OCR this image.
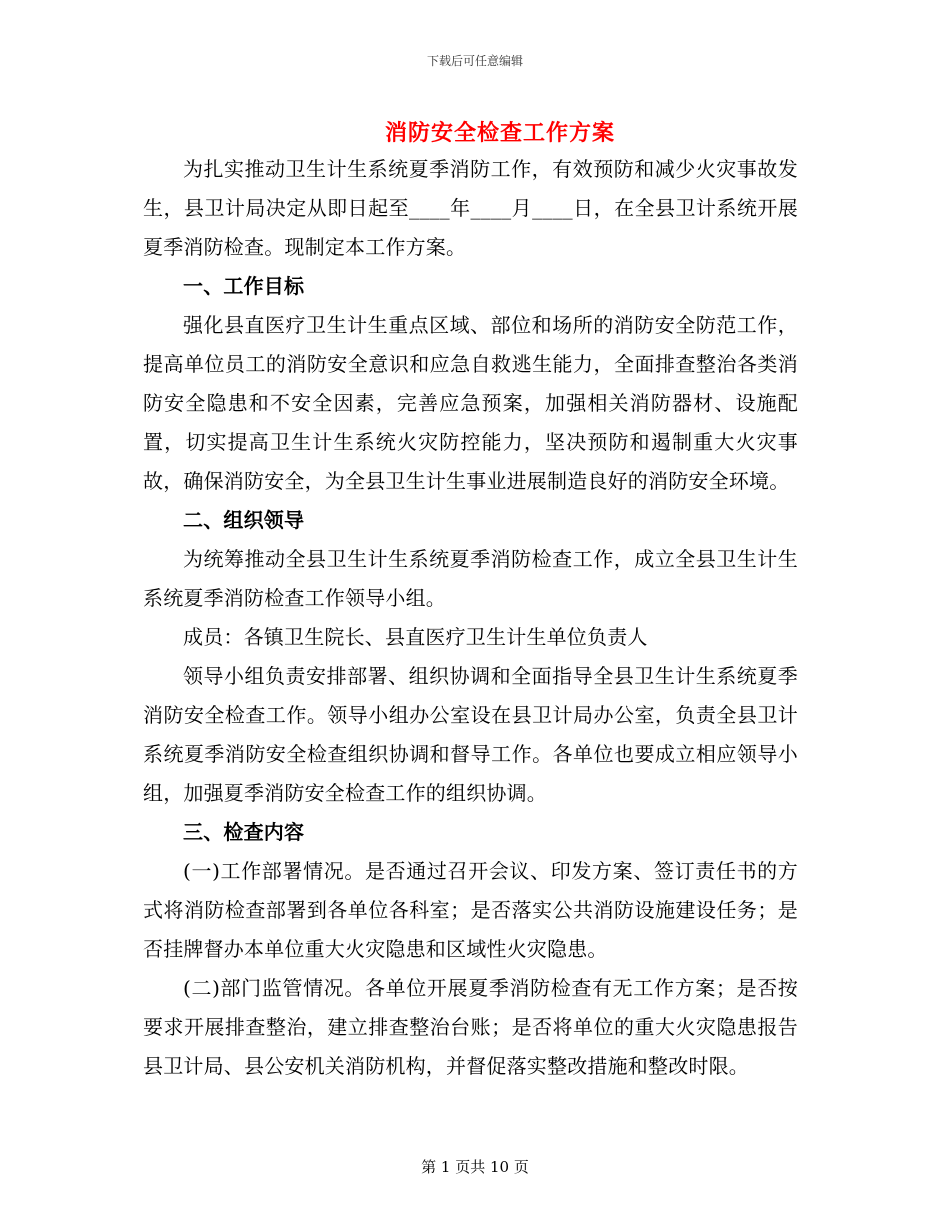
下载后可任意编辑
消防安全检查工作方案

为扎实推动卫生计生系统夏季消防工作，有效预防和减少火灾事故发生，县卫计局决定从即日起至____年____月____日，在全县卫计系统开展夏季消防检查。现制定本工作方案。

一、工作目标

强化县直医疗卫生计生重点区域、部位和场所的消防安全防范工作，提高单位员工的消防安全意识和应急自救逃生能力，全面排查整治各类消防安全隐患和不安全因素，完善应急预案，加强相关消防器材、设施配置，切实提高卫生计生系统火灾防控能力，坚决预防和遏制重大火灾事故，确保消防安全，为全县卫生计生事业进展制造良好的消防安全环境。

二、组织领导

为统筹推动全县卫生计生系统夏季消防检查工作，成立全县卫生计生系统夏季消防检查工作领导小组。

成员：各镇卫生院长、县直医疗卫生计生单位负责人

领导小组负责安排部署、组织协调和全面指导全县卫生计生系统夏季消防安全检查工作。领导小组办公室设在县卫计局办公室，负责全县卫计系统夏季消防安全检查组织协调和督导工作。各单位也要成立相应领导小组，加强夏季消防安全检查工作的组织协调。

三、检查内容

(一)工作部署情况。是否通过召开会议、印发方案、签订责任书的方式将消防检查部署到各单位各科室；是否落实公共消防设施建设任务；是否挂牌督办本单位重大火灾隐患和区域性火灾隐患。

(二)部门监管情况。各单位开展夏季消防检查有无工作方案；是否按要求开展排查整治，建立排查整治台账；是否将单位的重大火灾隐患报告县卫计局、县公安机关消防机构，并督促落实整改措施和整改时限。

第 1 页共 10 页
